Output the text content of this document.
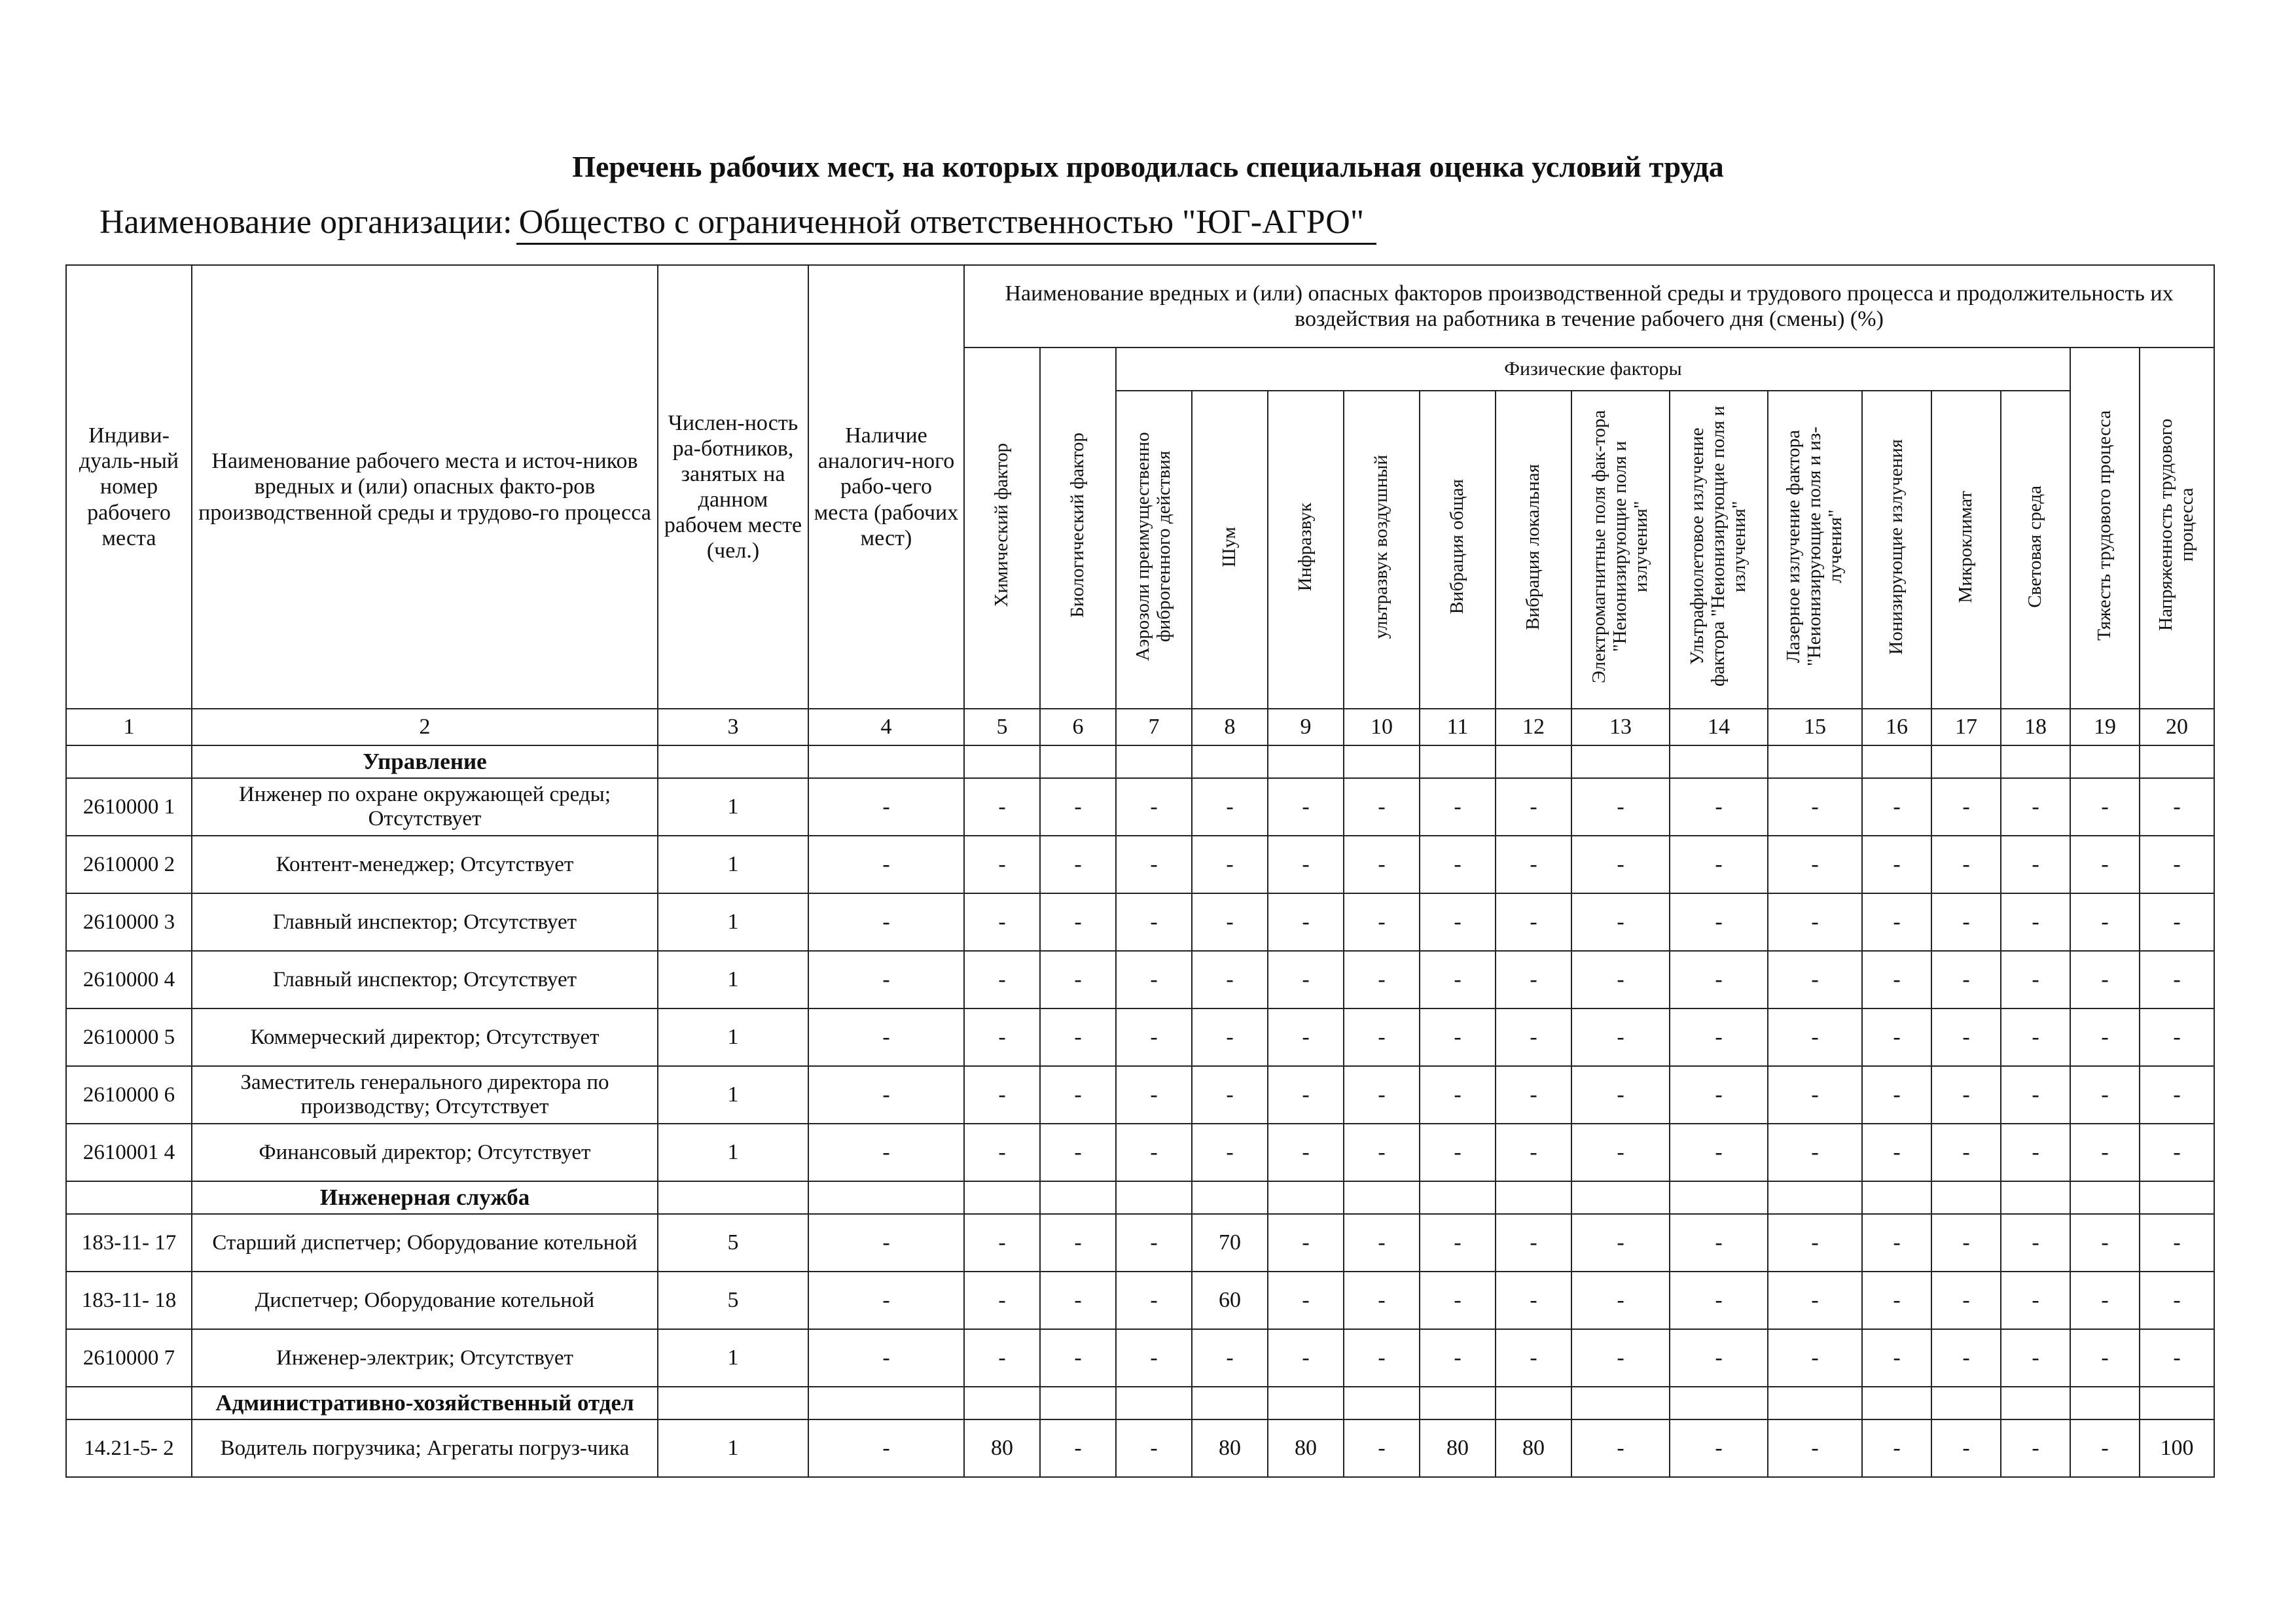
Перечень рабочих мест, на которых проводилась специальная оценка условий труда
Наименование организации: Общество с ограниченной ответственностью "ЮГ-АГРО"
Индиви-дуаль-ный номер рабочего места	Наименование рабочего места и источ-ников вредных и (или) опасных факто-ров производственной среды и трудово-го процесса	Числен-ность ра-ботников, занятых на данном рабочем месте (чел.)	Наличие аналогич-ного рабо-чего места (рабочих мест)	Наименование вредных и (или) опасных факторов производственной среды и трудового процесса и продолжительность их воздействия на работника в течение рабочего дня (смены) (%)															
				Химический фактор	Биологический фактор	Физические факторы												Тяжесть трудового процесса	Напряженность трудового процесса
						Аэрозоли преимущественно фиброгенного действия	Шум	Инфразвук	ультразвук воздушный	Вибрация общая	Вибрация локальная	Электромагнитные поля фак-тора "Неионизирующие поля и излучения"	Ультрафиолетовое излучение фактора "Неионизирующие поля и излучения"	Лазерное излучение фактора "Неионизирующие поля и из-лучения"	Ионизирующие излучения	Микроклимат	Световая среда		
1	2	3	4	5	6	7	8	9	10	11	12	13	14	15	16	17	18	19	20
	Управление																		
2610000 1	Инженер по охране окружающей среды; Отсутствует	1	-	-	-	-	-	-	-	-	-	-	-	-	-	-	-	-	-
2610000 2	Контент-менеджер; Отсутствует	1	-	-	-	-	-	-	-	-	-	-	-	-	-	-	-	-	-
2610000 3	Главный инспектор; Отсутствует	1	-	-	-	-	-	-	-	-	-	-	-	-	-	-	-	-	-
2610000 4	Главный инспектор; Отсутствует	1	-	-	-	-	-	-	-	-	-	-	-	-	-	-	-	-	-
2610000 5	Коммерческий директор; Отсутствует	1	-	-	-	-	-	-	-	-	-	-	-	-	-	-	-	-	-
2610000 6	Заместитель генерального директора по производству; Отсутствует	1	-	-	-	-	-	-	-	-	-	-	-	-	-	-	-	-	-
2610001 4	Финансовый директор; Отсутствует	1	-	-	-	-	-	-	-	-	-	-	-	-	-	-	-	-	-
	Инженерная служба																		
183-11- 17	Старший диспетчер; Оборудование котельной	5	-	-	-	-	70	-	-	-	-	-	-	-	-	-	-	-	-
183-11- 18	Диспетчер; Оборудование котельной	5	-	-	-	-	60	-	-	-	-	-	-	-	-	-	-	-	-
2610000 7	Инженер-электрик; Отсутствует	1	-	-	-	-	-	-	-	-	-	-	-	-	-	-	-	-	-
	Административно-хозяйственный отдел																		
14.21-5- 2	Водитель погрузчика; Агрегаты погруз-чика	1	-	80	-	-	80	80	-	80	80	-	-	-	-	-	-	-	100
